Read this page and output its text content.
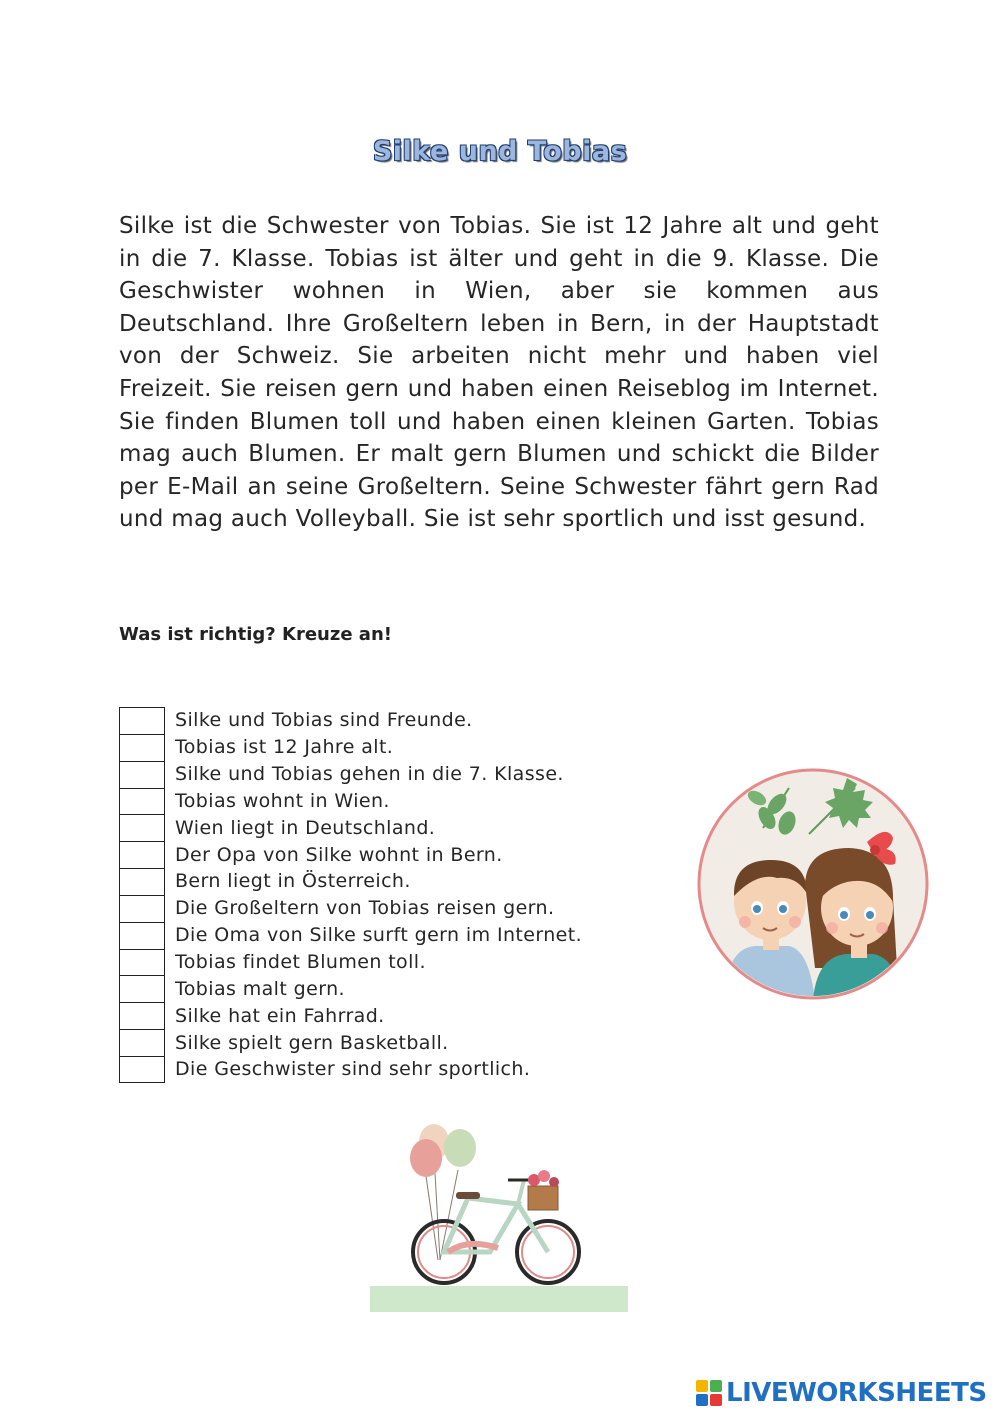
Silke und Tobias

Silke ist die Schwester von Tobias. Sie ist 12 Jahre alt und geht in die 7. Klasse. Tobias ist älter und geht in die 9. Klasse. Die Geschwister wohnen in Wien, aber sie kommen aus Deutschland. Ihre Großeltern leben in Bern, in der Hauptstadt von der Schweiz. Sie arbeiten nicht mehr und haben viel Freizeit. Sie reisen gern und haben einen Reiseblog im Internet. Sie finden Blumen toll und haben einen kleinen Garten. Tobias mag auch Blumen. Er malt gern Blumen und schickt die Bilder per E-Mail an seine Großeltern. Seine Schwester fährt gern Rad und mag auch Volleyball. Sie ist sehr sportlich und isst gesund.

Was ist richtig? Kreuze an!
Silke und Tobias sind Freunde.
Tobias ist 12 Jahre alt.
Silke und Tobias gehen in die 7. Klasse.
Tobias wohnt in Wien.
Wien liegt in Deutschland.
Der Opa von Silke wohnt in Bern.
Bern liegt in Österreich.
Die Großeltern von Tobias reisen gern.
Die Oma von Silke surft gern im Internet.
Tobias findet Blumen toll.
Tobias malt gern.
Silke hat ein Fahrrad.
Silke spielt gern Basketball.
Die Geschwister sind sehr sportlich.
LIVEWORKSHEETS
